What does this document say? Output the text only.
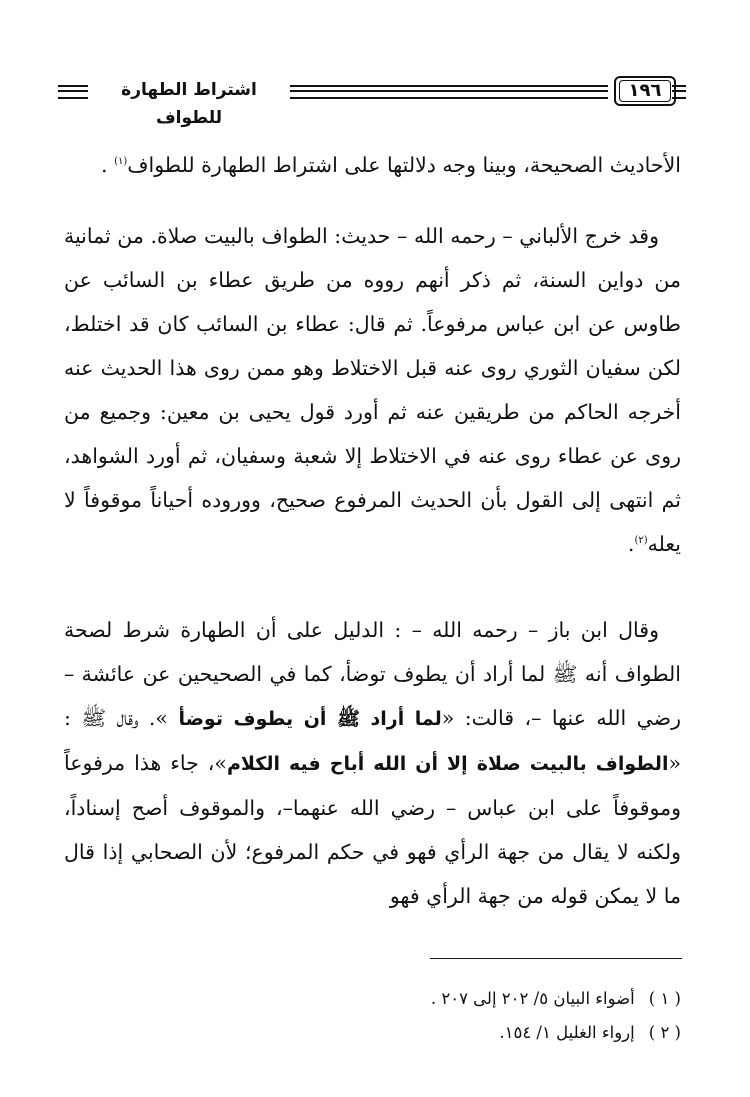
اشتراط الطهارة للطواف
١٩٦
الأحاديث الصحيحة، وبينا وجه دلالتها على اشتراط الطهارة للطواف$^{(١)}$ .
وقد خرج الألباني – رحمه الله – حديث: الطواف بالبيت صلاة. من ثمانية من دواين السنة، ثم ذكر أنهم رووه من طريق عطاء بن السائب عن طاوس عن ابن عباس مرفوعاً. ثم قال: عطاء بن السائب كان قد اختلط، لكن سفيان الثوري روى عنه قبل الاختلاط وهو ممن روى هذا الحديث عنه أخرجه الحاكم من طريقين عنه ثم أورد قول يحيى بن معين: وجميع من روى عن عطاء روى عنه في الاختلاط إلا شعبة وسفيان، ثم أورد الشواهد، ثم انتهى إلى القول بأن الحديث المرفوع صحيح، ووروده أحياناً موقوفاً لا يعله$^{(٢)}$.
وقال ابن باز – رحمه الله – : الدليل على أن الطهارة شرط لصحة الطواف أنه ﷺ لما أراد أن يطوف توضأ، كما في الصحيحين عن عائشة – رضي الله عنها –، قالت: «لما أراد ﷺ أن يطوف توضأ ». وقال ﷺ : «الطواف بالبيت صلاة إلا أن الله أباح فيه الكلام»، جاء هذا مرفوعاً وموقوفاً على ابن عباس – رضي الله عنهما–، والموقوف أصح إسناداً، ولكنه لا يقال من جهة الرأي فهو في حكم المرفوع؛ لأن الصحابي إذا قال ما لا يمكن قوله من جهة الرأي فهو
( ١ )أضواء البيان ٥/ ٢٠٢ إلى ٢٠٧ .
( ٢ )إرواء الغليل ١/ ١٥٤.
